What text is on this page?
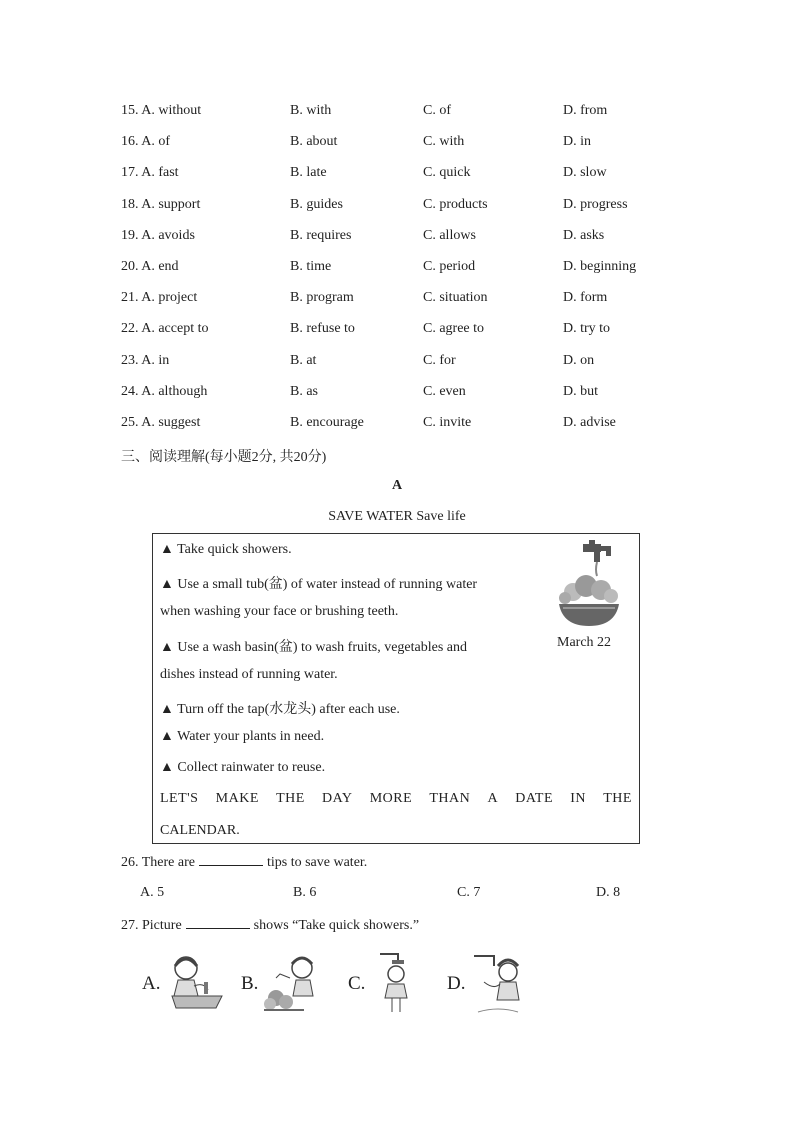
15. A. without	B. with	C. of	D. from
16. A. of	B. about	C. with	D. in
17. A. fast	B. late	C. quick	D. slow
18. A. support	B. guides	C. products	D. progress
19. A. avoids	B. requires	C. allows	D. asks
20. A. end	B. time	C. period	D. beginning
21. A. project	B. program	C. situation	D. form
22. A. accept to	B. refuse to	C. agree to	D. try to
23. A. in	B. at	C. for	D. on
24. A. although	B. as	C. even	D. but
25. A. suggest	B. encourage	C. invite	D. advise
三、阅读理解(每小题2分, 共20分)
A
SAVE WATER Save life
▲ Take quick showers.
▲ Use a small tub(盆) of water instead of running water
when washing your face or brushing teeth.
▲ Use a wash basin(盆) to wash fruits, vegetables and
dishes instead of running water.
▲ Turn off the tap(水龙头) after each use.
▲ Water your plants in need.
▲ Collect rainwater to reuse.
LET'S MAKE THE DAY MORE THAN A DATE IN THE
CALENDAR.
March 22
26. There are	tips to save water.
A. 5	B. 6	C. 7	D. 8
27. Picture	shows “Take quick showers.”
A.	B.	C.	D.
